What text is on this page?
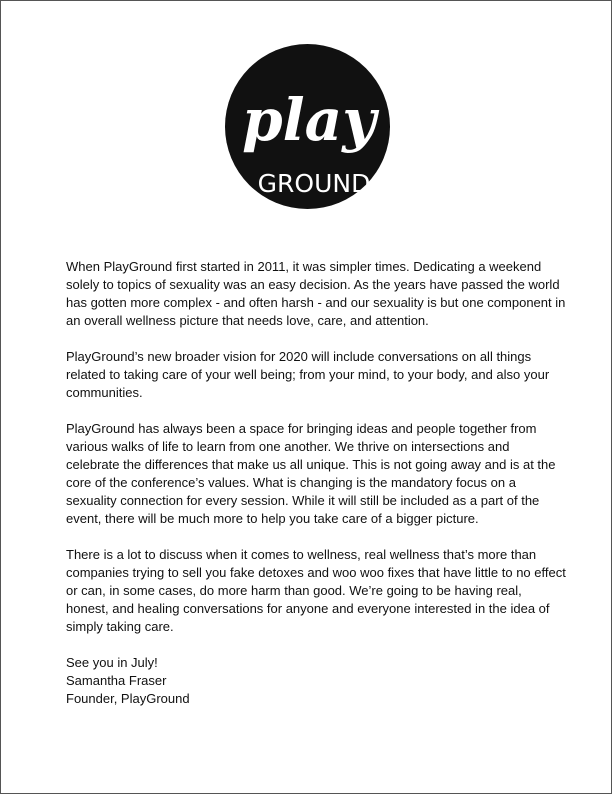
play
GROUND

When PlayGround first started in 2011, it was simpler times. Dedicating a weekend solely to topics of sexuality was an easy decision. As the years have passed the world has gotten more complex - and often harsh - and our sexuality is but one component in an overall wellness picture that needs love, care, and attention.

PlayGround’s new broader vision for 2020 will include conversations on all things related to taking care of your well being; from your mind, to your body, and also your communities.

PlayGround has always been a space for bringing ideas and people together from various walks of life to learn from one another. We thrive on intersections and celebrate the differences that make us all unique. This is not going away and is at the core of the conference’s values. What is changing is the mandatory focus on a sexuality connection for every session. While it will still be included as a part of the event, there will be much more to help you take care of a bigger picture.

There is a lot to discuss when it comes to wellness, real wellness that’s more than companies trying to sell you fake detoxes and woo woo fixes that have little to no effect or can, in some cases, do more harm than good. We’re going to be having real, honest, and healing conversations for anyone and everyone interested in the idea of simply taking care.

See you in July!
Samantha Fraser
Founder, PlayGround
